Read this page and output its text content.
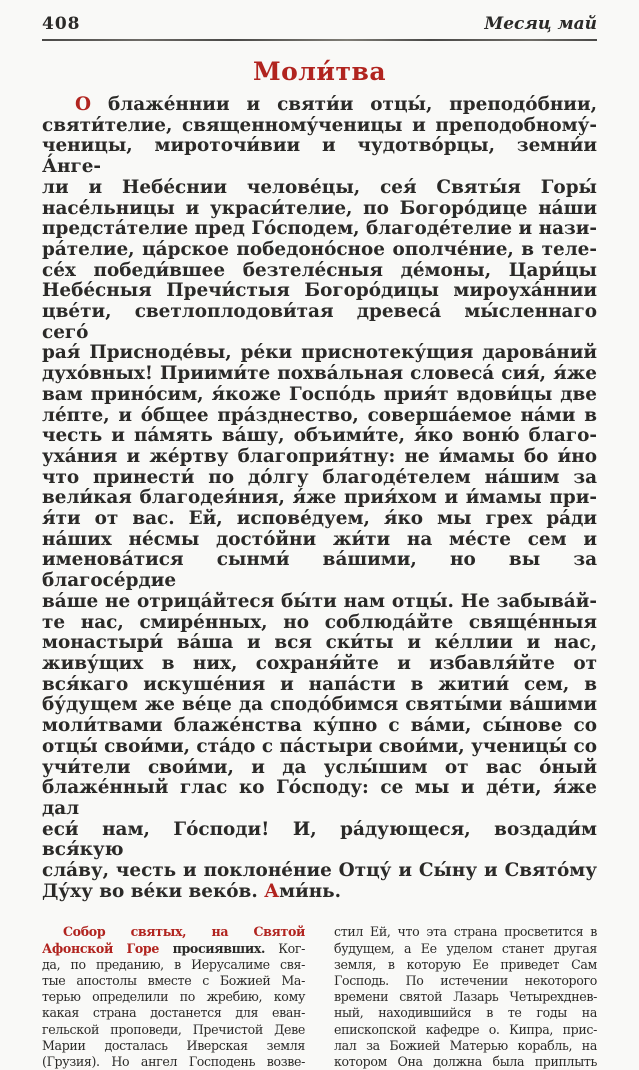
408	Месяц май
Моли́тва
О блаже́ннии и святи́и отцы́, преподо́бнии,
святи́телие, священному́ченицы и преподобному́-
ченицы, мироточи́вии и чудотво́рцы, земни́и А́нге-
ли и Небе́снии челове́цы, сея́ Святы́я Горы́
насе́льницы и украси́телие, по Богоро́дице на́ши
предста́телие пред Го́сподем, благоде́телие и нази-
ра́телие, ца́рское победоно́сное ополче́ние, в теле-
се́х победи́вшее безтеле́сныя де́моны, Цари́цы
Небе́сныя Пречи́стыя Богоро́дицы мироуха́ннии
цве́ти, светлоплодови́тая древеса́ мы́сленнаго сего́
рая́ Присноде́вы, ре́ки приснотеку́щия дарова́ний
духо́вных! Приими́те похва́льная словеса́ сия́, я́же
вам прино́сим, я́коже Госпо́дь прия́т вдови́цы две
ле́пте, и о́бщее пра́зднество, соверша́емое на́ми в
честь и па́мять ва́шу, объими́те, я́ко воню́ благо-
уха́ния и же́ртву благоприя́тну: не и́мамы бо и́но
что принести́ по до́лгу благоде́телем на́шим за
вели́кая благодея́ния, я́же прия́хом и и́мамы при-
я́ти от вас. Ей, испове́дуем, я́ко мы грех ра́ди
на́ших не́смы досто́йни жи́ти на ме́сте сем и
именова́тися сынми́ ва́шими, но вы за благосе́рдие
ва́ше не отрица́йтеся бы́ти нам отцы́. Не забыва́й-
те нас, смире́нных, но соблюда́йте свяще́нныя
монастыри́ ва́ша и вся ски́ты и ке́ллии и нас,
живу́щих в них, сохраня́йте и избавля́йте от
вся́каго искуше́ния и напа́сти в житии́ сем, в
бу́дущем же ве́це да сподо́бимся святы́ми ва́шими
моли́твами блаже́нства ку́пно с ва́ми, сы́нове со
отцы́ свои́ми, ста́до с па́стыри свои́ми, ученицы́ со
учи́тели свои́ми, и да услы́шим от вас о́ный
блаже́нный глас ко Го́споду: се мы и де́ти, я́же дал
еси́ нам, Го́споди! И, ра́дующеся, воздади́м вся́кую
сла́ву, честь и поклоне́ние Отцу́ и Сы́ну и Свято́му
Ду́ху во ве́ки веко́в. Ами́нь.
Собор святых, на Святой
Афонской Горе просиявших. Ког-
да, по преданию, в Иерусалиме свя-
тые апостолы вместе с Божией Ма-
терью определили по жребию, кому
какая страна достанется для еван-
гельской проповеди, Пречистой Деве
Марии досталась Иверская земля
(Грузия). Но ангел Господень возве-
стил Ей, что эта страна просветится в
будущем, а Ее уделом станет другая
земля, в которую Ее приведет Сам
Господь. По истечении некоторого
времени святой Лазарь Четырехднев-
ный, находившийся в те годы на
епископской кафедре о. Кипра, прис-
лал за Божией Матерью корабль, на
котором Она должна была приплыть
